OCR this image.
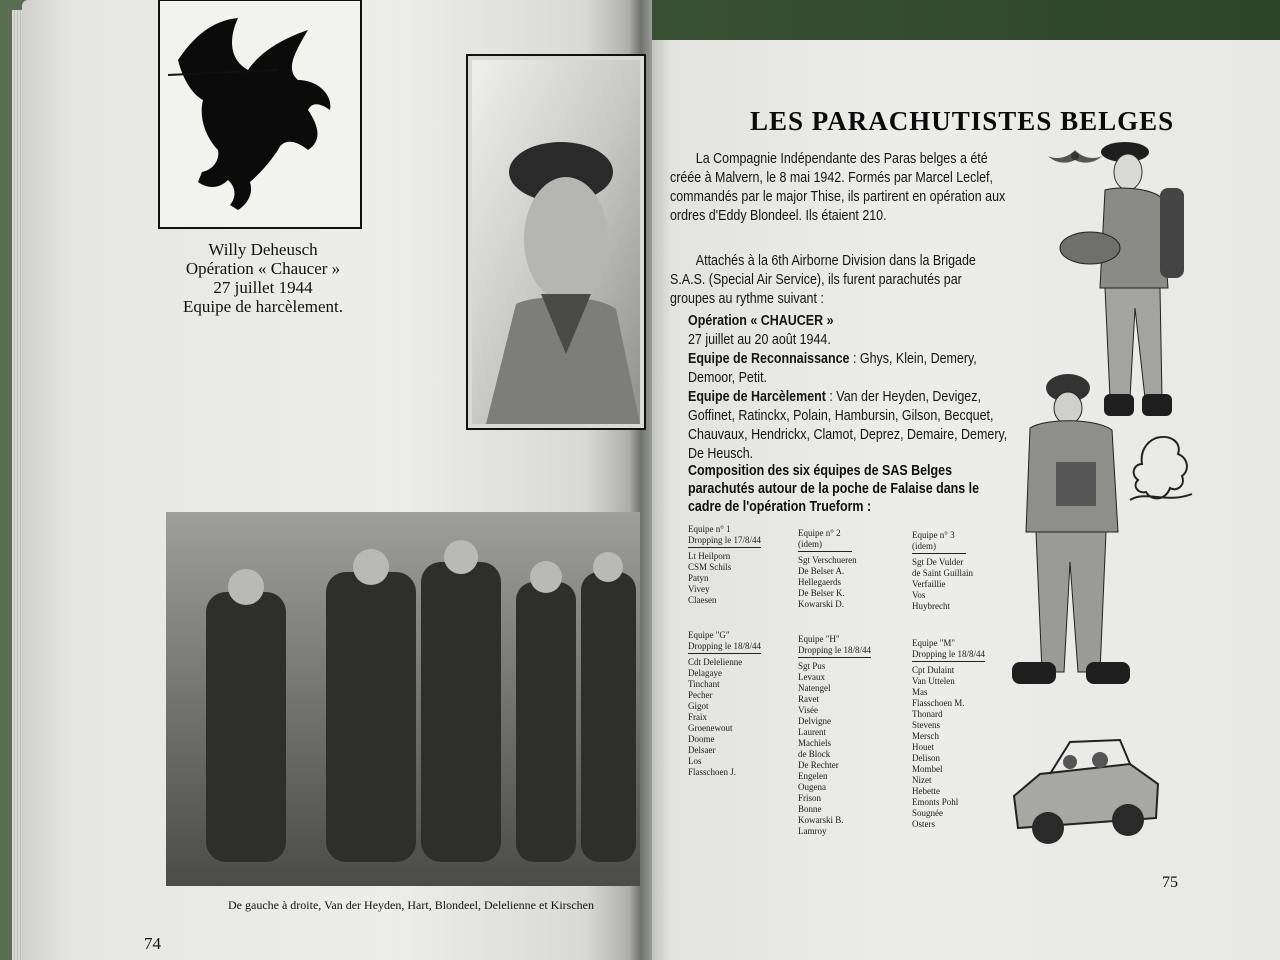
Willy Deheusch
Opération « Chaucer »
27 juillet 1944
Equipe de harcèlement.
De gauche à droite, Van der Heyden, Hart, Blondeel, Delelienne et Kirschen
74
LES PARACHUTISTES BELGES
La Compagnie Indépendante des Paras belges a été créée à Malvern, le 8 mai 1942. Formés par Marcel Leclef, commandés par le major Thise, ils partirent en opération aux ordres d'Eddy Blondeel. Ils étaient 210.
Attachés à la 6th Airborne Division dans la Brigade S.A.S. (Special Air Service), ils furent parachutés par groupes au rythme suivant :
Opération « CHAUCER »
27 juillet au 20 août 1944.
Equipe de Reconnaissance : Ghys, Klein, Demery, Demoor, Petit.
Equipe de Harcèlement : Van der Heyden, Devigez, Goffinet, Ratinckx, Polain, Hambursin, Gilson, Becquet, Chauvaux, Hendrickx, Clamot, Deprez, Demaire, Demery, De Heusch.
Composition des six équipes de SAS Belges parachutés autour de la poche de Falaise dans le cadre de l'opération Trueform :
Equipe n° 1
Dropping le 17/8/44
Lt Heilporn
CSM Schils
Patyn
Vivey
Claesen
Equipe n° 2
(idem)
Sgt Verschueren
De Belser A.
Hellegaerds
De Belser K.
Kowarski D.
Equipe n° 3
(idem)
Sgt De Vulder
de Saint Guillain
Verfaillie
Vos
Huybrecht
Equipe "G"
Dropping le 18/8/44
Cdt Delelienne
Delagaye
Tinchant
Pecher
Gigot
Fraix
Groenewout
Doome
Delsaer
Los
Flasschoen J.
Equipe "H"
Dropping le 18/8/44
Sgt Pus
Levaux
Natengel
Ravet
Visée
Delvigne
Laurent
Machiels
de Block
De Rechter
Engelen
Ougena
Frison
Bonne
Kowarski B.
Lamroy
Equipe "M"
Dropping le 18/8/44
Cpt Dulaint
Van Uttelen
Mas
Flasschoen M.
Thonard
Stevens
Mersch
Houet
Delison
Mombel
Nizet
Hebette
Emonts Pohl
Sougnée
Osters
75
